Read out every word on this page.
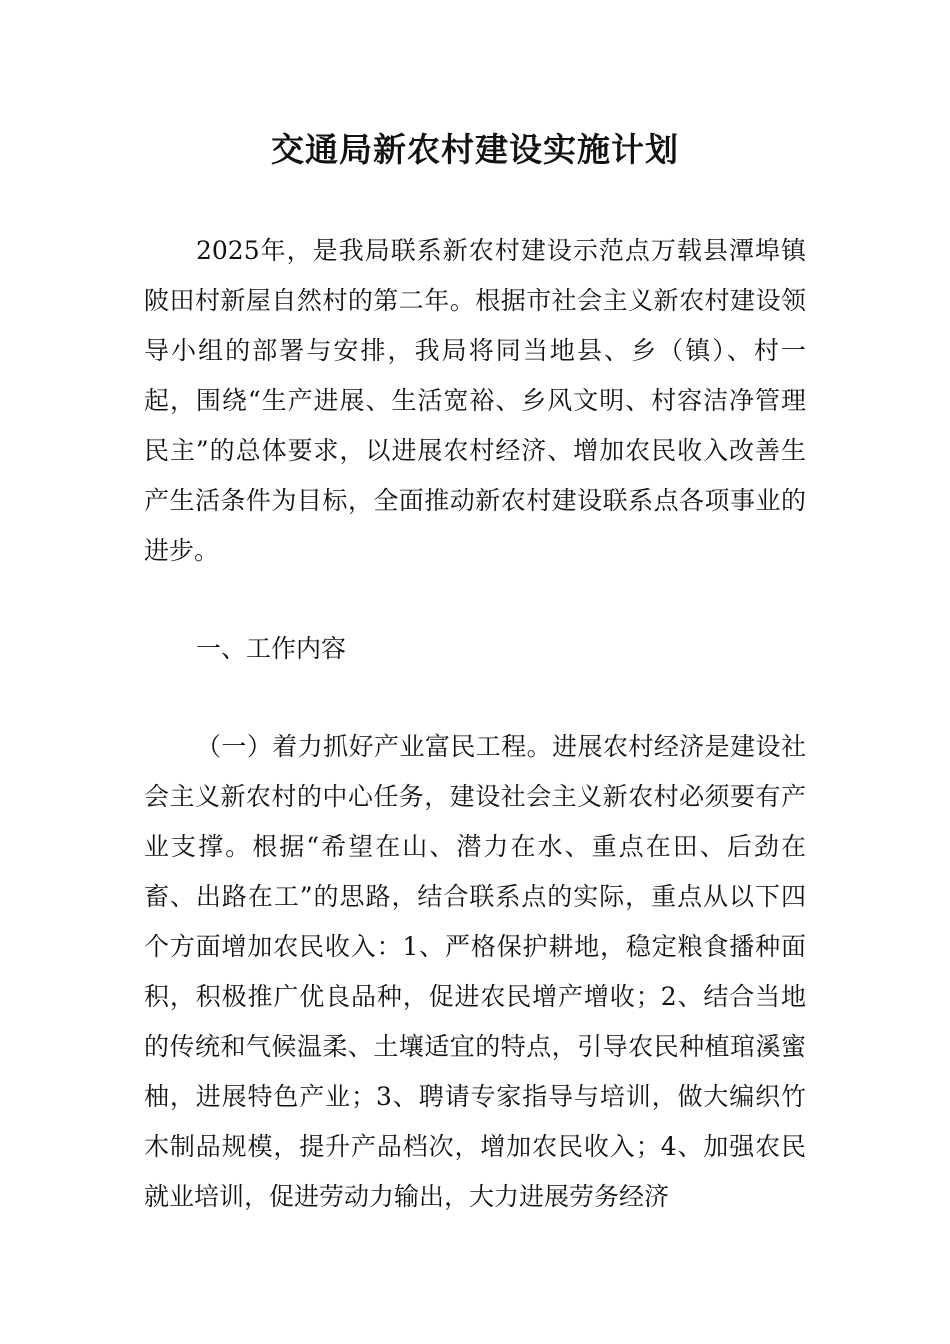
交通局新农村建设实施计划

2025年，是我局联系新农村建设示范点万载县潭埠镇陂田村新屋自然村的第二年。根据市社会主义新农村建设领导小组的部署与安排，我局将同当地县、乡（镇）、村一起，围绕“生产进展、生活宽裕、乡风文明、村容洁净管理民主”的总体要求，以进展农村经济、增加农民收入改善生产生活条件为目标，全面推动新农村建设联系点各项事业的进步。

一、工作内容

（一）着力抓好产业富民工程。进展农村经济是建设社会主义新农村的中心任务，建设社会主义新农村必须要有产业支撑。根据“希望在山、潜力在水、重点在田、后劲在畜、出路在工”的思路，结合联系点的实际，重点从以下四个方面增加农民收入：1、严格保护耕地，稳定粮食播种面积，积极推广优良品种，促进农民增产增收；2、结合当地的传统和气候温柔、土壤适宜的特点，引导农民种植琯溪蜜柚，进展特色产业；3、聘请专家指导与培训，做大编织竹木制品规模，提升产品档次，增加农民收入；4、加强农民就业培训，促进劳动力输出，大力进展劳务经济
